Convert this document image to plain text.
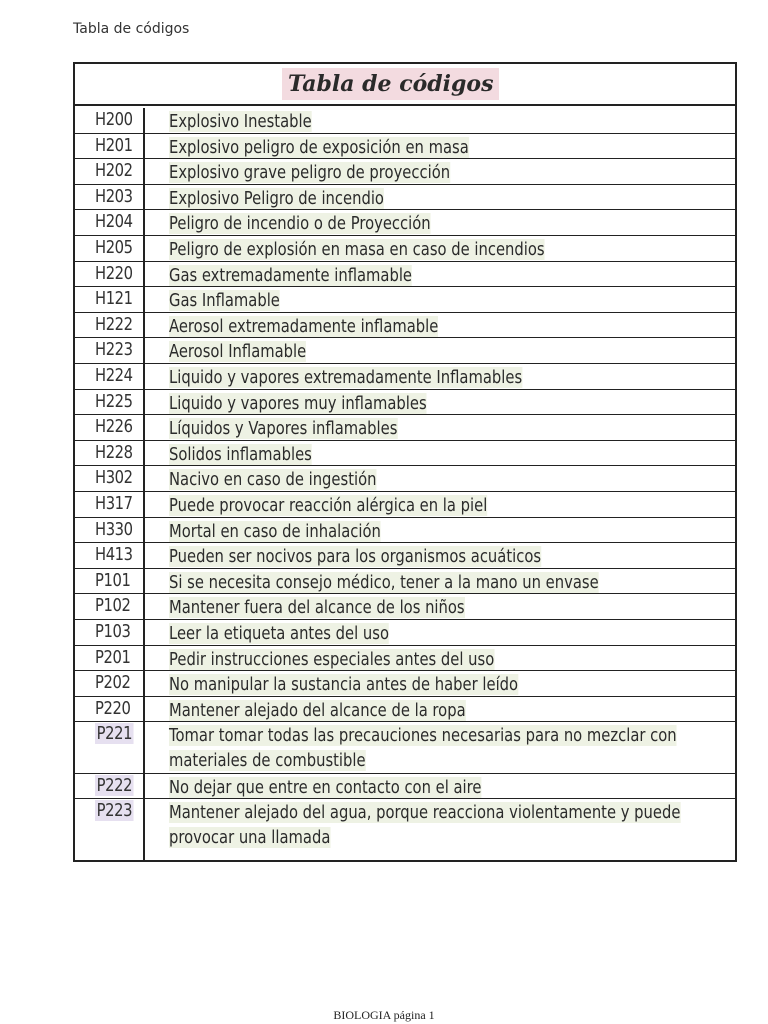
Tabla de códigos
Tabla de códigos
H200 Explosivo Inestable
H201 Explosivo peligro de exposición en masa
H202 Explosivo grave peligro de proyección
H203 Explosivo Peligro de incendio
H204 Peligro de incendio o de Proyección
H205 Peligro de explosión en masa en caso de incendios
H220 Gas extremadamente inflamable
H121 Gas Inflamable
H222 Aerosol extremadamente inflamable
H223 Aerosol Inflamable
H224 Liquido y vapores extremadamente Inflamables
H225 Liquido y vapores muy inflamables
H226 Líquidos y Vapores inflamables
H228 Solidos inflamables
H302 Nacivo en caso de ingestión
H317 Puede provocar reacción alérgica en la piel
H330 Mortal en caso de inhalación
H413 Pueden ser nocivos para los organismos acuáticos
P101 Si se necesita consejo médico, tener a la mano un envase
P102 Mantener fuera del alcance de los niños
P103 Leer la etiqueta antes del uso
P201 Pedir instrucciones especiales antes del uso
P202 No manipular la sustancia antes de haber leído
P220 Mantener alejado del alcance de la ropa
P221 Tomar tomar todas las precauciones necesarias para no mezclar con materiales de combustible
P222 No dejar que entre en contacto con el aire
P223 Mantener alejado del agua, porque reacciona violentamente y puede provocar una llamada
BIOLOGIA página 1
